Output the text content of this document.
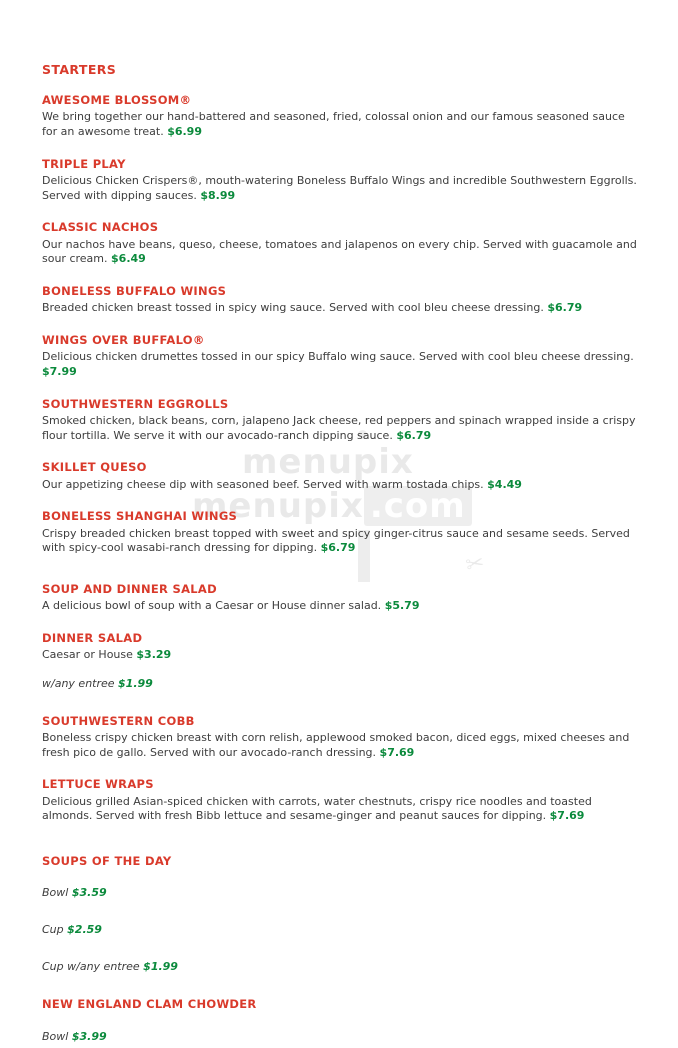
menupix
menupix .com
✂
STARTERS
AWESOME BLOSSOM®
We bring together our hand-battered and seasoned, fried, colossal onion and our famous seasoned sauce for an awesome treat. $6.99
TRIPLE PLAY
Delicious Chicken Crispers®, mouth-watering Boneless Buffalo Wings and incredible Southwestern Eggrolls. Served with dipping sauces. $8.99
CLASSIC NACHOS
Our nachos have beans, queso, cheese, tomatoes and jalapenos on every chip. Served with guacamole and sour cream. $6.49
BONELESS BUFFALO WINGS
Breaded chicken breast tossed in spicy wing sauce. Served with cool bleu cheese dressing. $6.79
WINGS OVER BUFFALO®
Delicious chicken drumettes tossed in our spicy Buffalo wing sauce. Served with cool bleu cheese dressing. $7.99
SOUTHWESTERN EGGROLLS
Smoked chicken, black beans, corn, jalapeno Jack cheese, red peppers and spinach wrapped inside a crispy flour tortilla. We serve it with our avocado-ranch dipping sauce. $6.79
SKILLET QUESO
Our appetizing cheese dip with seasoned beef. Served with warm tostada chips. $4.49
BONELESS SHANGHAI WINGS
Crispy breaded chicken breast topped with sweet and spicy ginger-citrus sauce and sesame seeds. Served with spicy-cool wasabi-ranch dressing for dipping. $6.79
SOUP AND DINNER SALAD
A delicious bowl of soup with a Caesar or House dinner salad. $5.79
DINNER SALAD
Caesar or House $3.29
w/any entree $1.99
SOUTHWESTERN COBB
Boneless crispy chicken breast with corn relish, applewood smoked bacon, diced eggs, mixed cheeses and fresh pico de gallo. Served with our avocado-ranch dressing. $7.69
LETTUCE WRAPS
Delicious grilled Asian-spiced chicken with carrots, water chestnuts, crispy rice noodles and toasted almonds. Served with fresh Bibb lettuce and sesame-ginger and peanut sauces for dipping. $7.69
SOUPS OF THE DAY
Bowl $3.59
Cup $2.59
Cup w/any entree $1.99
NEW ENGLAND CLAM CHOWDER
Bowl $3.99
